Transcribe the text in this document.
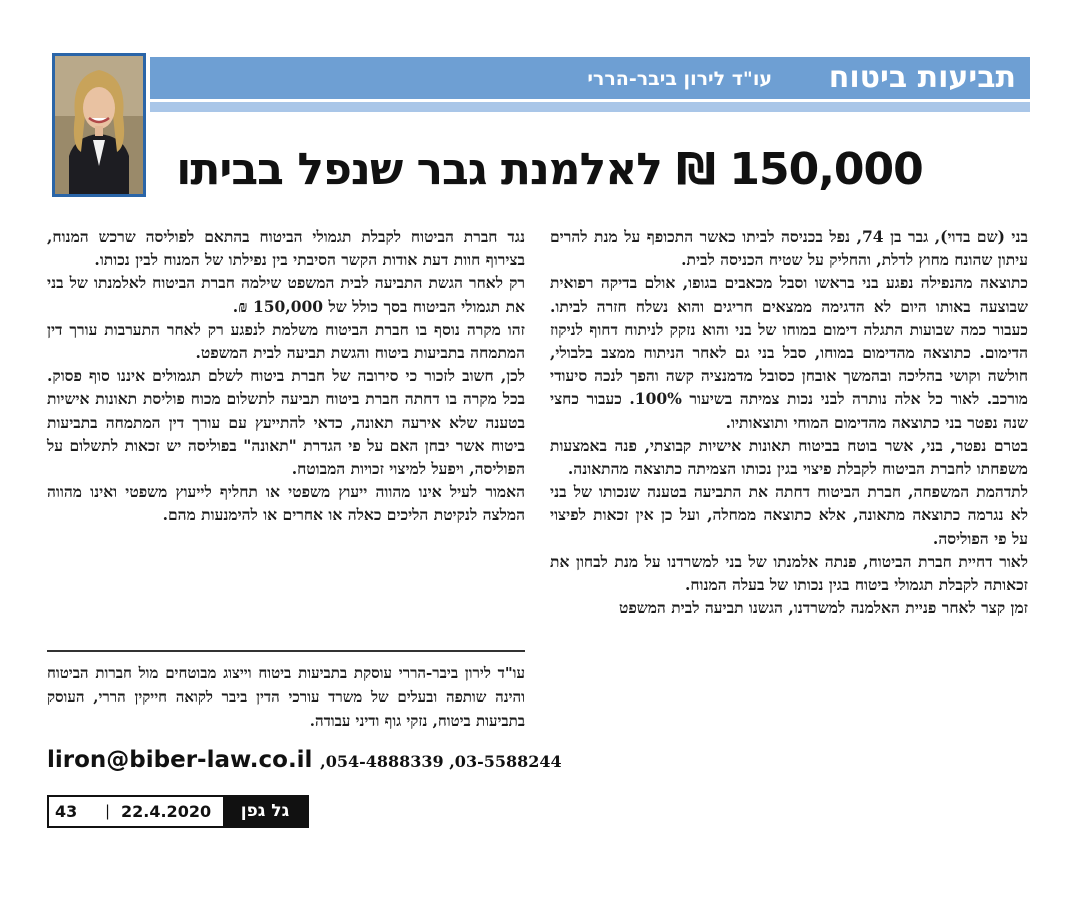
תביעות ביטוח
עו"ד לירון ביבר-הררי
150,000 ₪ לאלמנת גבר שנפל בביתו

בני (שם בדוי), גבר בן 74, נפל בכניסה לביתו כאשר התכופף על מנת להרים עיתון שהונח מחוץ לדלת, והחליק על שטיח הכניסה לבית.

כתוצאה מהנפילה נפגע בני בראשו וסבל מכאבים בגופו, אולם בדיקה רפואית שבוצעה באותו היום לא הדגימה ממצאים חריגים והוא נשלח חזרה לביתו. כעבור כמה שבועות התגלה דימום במוחו של בני והוא נזקק לניתוח דחוף לניקוז הדימום. כתוצאה מהדימום במוחו, סבל בני גם לאחר הניתוח ממצב בלבולי, חולשה וקושי בהליכה ובהמשך אובחן כסובל מדמנציה קשה והפך לנכה סיעודי מורכב. לאור כל אלה נותרה לבני נכות צמיתה בשיעור 100%. כעבור כחצי שנה נפטר בני כתוצאה מהדימום המוחי ותוצאותיו.

בטרם נפטר, בני, אשר בוטח בביטוח תאונות אישיות קבוצתי, פנה באמצעות משפחתו לחברת הביטוח לקבלת פיצוי בגין נכותו הצמיתה כתוצאה מהתאונה.

לתדהמת המשפחה, חברת הביטוח דחתה את התביעה בטענה שנכותו של בני לא נגרמה כתוצאה מתאונה, אלא כתוצאה ממחלה, ועל כן אין זכאות לפיצוי על פי הפוליסה.

לאור דחיית חברת הביטוח, פנתה אלמנתו של בני למשרדנו על מנת לבחון את זכאותה לקבלת תגמולי ביטוח בגין נכותו של בעלה המנוח.

זמן קצר לאחר פניית האלמנה למשרדנו, הגשנו תביעה לבית המשפט

נגד חברת הביטוח לקבלת תגמולי הביטוח בהתאם לפוליסה שרכש המנוח, בצירוף חוות דעת אודות הקשר הסיבתי בין נפילתו של המנוח לבין נכותו.

רק לאחר הגשת התביעה לבית המשפט שילמה חברת הביטוח לאלמנתו של בני את תגמולי הביטוח בסך כולל של 150,000 ₪.

זהו מקרה נוסף בו חברת הביטוח משלמת לנפגע רק לאחר התערבות עורך דין המתמחה בתביעות ביטוח והגשת תביעה לבית המשפט.

לכן, חשוב לזכור כי סירובה של חברת ביטוח לשלם תגמולים איננו סוף פסוק. בכל מקרה בו דחתה חברת ביטוח תביעה לתשלום מכוח פוליסת תאונות אישיות בטענה שלא אירעה תאונה, כדאי להתייעץ עם עורך דין המתמחה בתביעות ביטוח אשר יבחן האם על פי הגדרת "תאונה" בפוליסה יש זכאות לתשלום על הפוליסה, ויפעל למיצוי זכויות המבוטח.

האמור לעיל אינו מהווה ייעוץ משפטי או תחליף לייעוץ משפטי ואינו מהווה המלצה לנקיטת הליכים כאלה או אחרים או להימנעות מהם.

עו"ד לירון ביבר-הררי עוסקת בתביעות ביטוח וייצוג מבוטחים מול חברות הביטוח והינה שותפה ובעלים של משרד עורכי הדין ביבר לקואה חייקין הררי, העוסק בתביעות ביטוח, נזקי גוף ודיני עבודה.
liron@biber-law.co.il ,054-4888339 ,03-5588244
43 | 22.4.2020	גל גפן
